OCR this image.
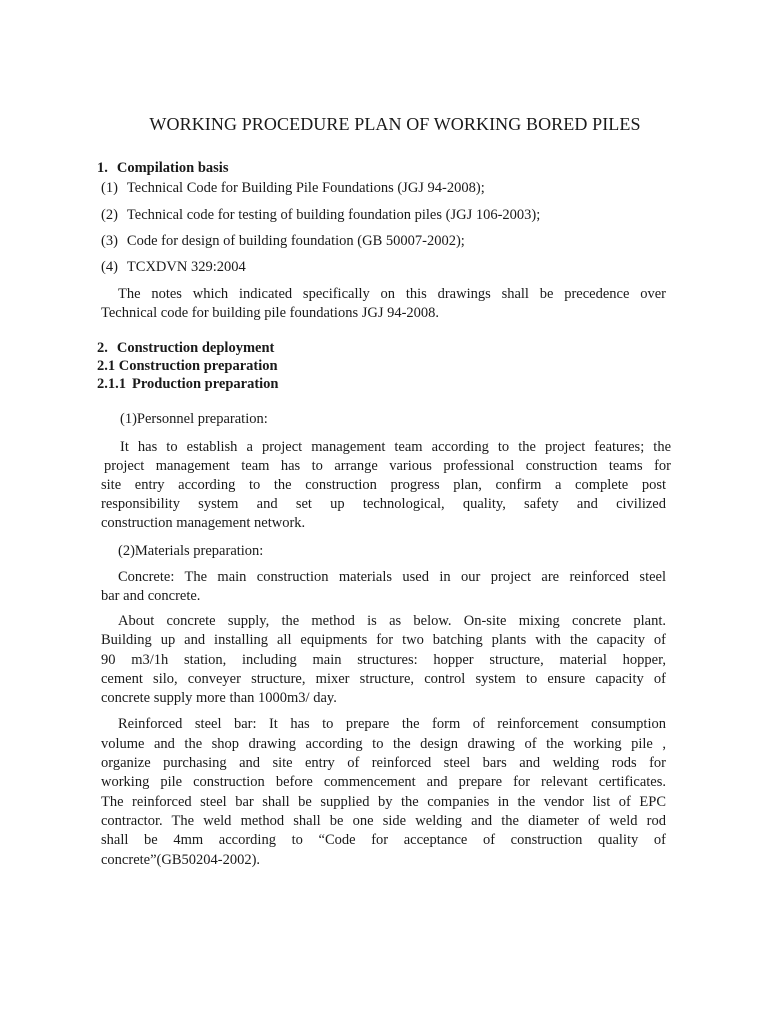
WORKING PROCEDURE PLAN OF WORKING BORED PILES
1. Compilation basis
(1) Technical Code for Building Pile Foundations (JGJ 94-2008);
(2) Technical code for testing of building foundation piles (JGJ 106-2003);
(3) Code for design of building foundation (GB 50007-2002);
(4) TCXDVN 329:2004
The notes which indicated specifically on this drawings shall be precedence over
Technical code for building pile foundations JGJ 94-2008.
2. Construction deployment
2.1 Construction preparation
2.1.1 Production preparation
(1)Personnel preparation:
It has to establish a project management team according to the project features; the
project management team has to arrange various professional construction teams for
site entry according to the construction progress plan, confirm a complete post
responsibility system and set up technological, quality, safety and civilized
construction management network.
(2)Materials preparation:
Concrete: The main construction materials used in our project are reinforced steel
bar and concrete.
About concrete supply, the method is as below. On-site mixing concrete plant.
Building up and installing all equipments for two batching plants with the capacity of
90 m3/1h station, including main structures: hopper structure, material hopper,
cement silo, conveyer structure, mixer structure, control system to ensure capacity of
concrete supply more than 1000m3/ day.
Reinforced steel bar: It has to prepare the form of reinforcement consumption
volume and the shop drawing according to the design drawing of the working pile ,
organize purchasing and site entry of reinforced steel bars and welding rods for
working pile construction before commencement and prepare for relevant certificates.
The reinforced steel bar shall be supplied by the companies in the vendor list of EPC
contractor. The weld method shall be one side welding and the diameter of weld rod
shall be 4mm according to “Code for acceptance of construction quality of
concrete”(GB50204-2002).
